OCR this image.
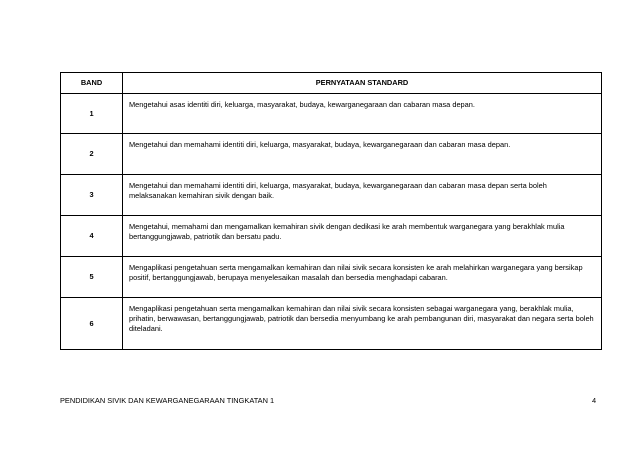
BAND	PERNYATAAN STANDARD
1	Mengetahui asas identiti diri, keluarga, masyarakat, budaya, kewarganegaraan dan cabaran masa depan.
2	Mengetahui dan memahami identiti diri, keluarga, masyarakat, budaya, kewarganegaraan dan cabaran masa depan.
3	Mengetahui dan memahami identiti diri, keluarga, masyarakat, budaya, kewarganegaraan dan cabaran masa depan serta boleh melaksanakan kemahiran sivik dengan baik.
4	Mengetahui, memahami dan mengamalkan kemahiran sivik dengan dedikasi ke arah membentuk warganegara yang berakhlak mulia bertanggungjawab, patriotik dan bersatu padu.
5	Mengaplikasi pengetahuan serta mengamalkan kemahiran dan nilai sivik secara konsisten ke arah melahirkan warganegara yang bersikap positif, bertanggungjawab, berupaya menyelesaikan masalah dan bersedia menghadapi cabaran.
6	Mengaplikasi pengetahuan serta mengamalkan kemahiran dan nilai sivik secara konsisten sebagai warganegara yang, berakhlak mulia, prihatin, berwawasan, bertanggungjawab, patriotik dan bersedia menyumbang ke arah pembangunan diri, masyarakat dan negara serta boleh diteladani.
PENDIDIKAN SIVIK DAN KEWARGANEGARAAN TINGKATAN 1	4
